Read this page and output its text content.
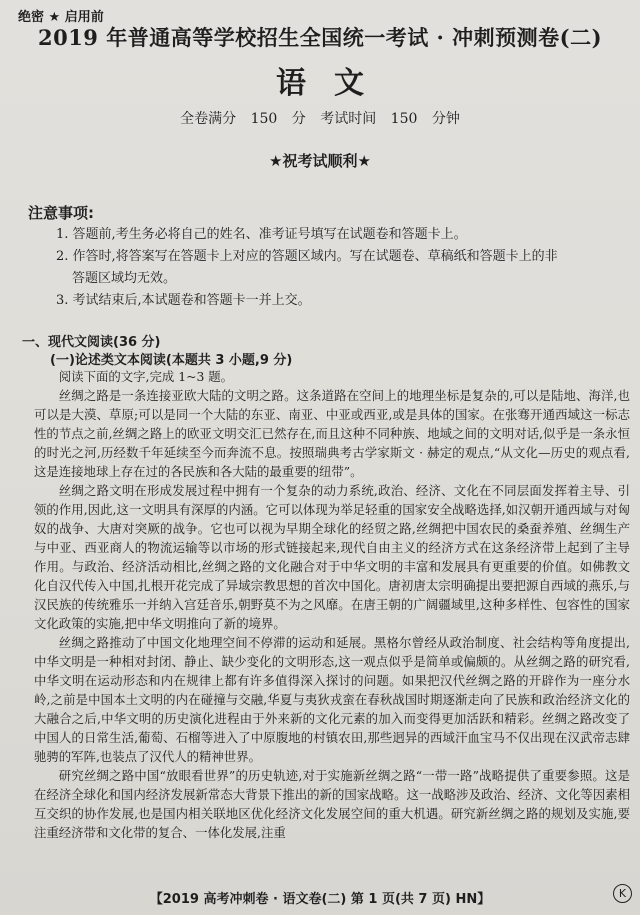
绝密 ★ 启用前
2019 年普通高等学校招生全国统一考试 · 冲刺预测卷(二)
语文
全卷满分 150 分 考试时间 150 分钟
★祝考试顺利★
注意事项:

1. 答题前,考生务必将自己的姓名、准考证号填写在试题卷和答题卡上。

2. 作答时,将答案写在答题卡上对应的答题区域内。写在试题卷、草稿纸和答题卡上的非

答题区域均无效。

3. 考试结束后,本试题卷和答题卡一并上交。

一、现代文阅读(36 分)
(一)论述类文本阅读(本题共 3 小题,9 分)

阅读下面的文字,完成 1~3 题。

丝绸之路是一条连接亚欧大陆的文明之路。这条道路在空间上的地理坐标是复杂的,可以是陆地、海洋,也可以是大漠、草原;可以是同一个大陆的东亚、南亚、中亚或西亚,或是具体的国家。在张骞开通西域这一标志性的节点之前,丝绸之路上的欧亚文明交汇已然存在,而且这种不同种族、地域之间的文明对话,似乎是一条永恒的时光之河,历经数千年延续至今而奔流不息。按照瑞典考古学家斯文 · 赫定的观点,“从文化—历史的观点看,这是连接地球上存在过的各民族和各大陆的最重要的纽带”。

丝绸之路文明在形成发展过程中拥有一个复杂的动力系统,政治、经济、文化在不同层面发挥着主导、引领的作用,因此,这一文明具有深厚的内涵。它可以体现为举足轻重的国家安全战略选择,如汉朝开通西域与对匈奴的战争、大唐对突厥的战争。它也可以视为早期全球化的经贸之路,丝绸把中国农民的桑蚕养殖、丝绸生产与中亚、西亚商人的物流运输等以市场的形式链接起来,现代自由主义的经济方式在这条经济带上起到了主导作用。与政治、经济活动相比,丝绸之路的文化融合对于中华文明的丰富和发展具有更重要的价值。如佛教文化自汉代传入中国,扎根开花完成了异域宗教思想的首次中国化。唐初唐太宗明确提出要把源自西域的燕乐,与汉民族的传统雅乐一并纳入宫廷音乐,朝野莫不为之风靡。在唐王朝的广阔疆域里,这种多样性、包容性的国家文化政策的实施,把中华文明推向了新的境界。

丝绸之路推动了中国文化地理空间不停滞的运动和延展。黑格尔曾经从政治制度、社会结构等角度提出,中华文明是一种相对封闭、静止、缺少变化的文明形态,这一观点似乎是简单或偏颇的。从丝绸之路的研究看,中华文明在运动形态和内在规律上都有许多值得深入探讨的问题。如果把汉代丝绸之路的开辟作为一座分水岭,之前是中国本土文明的内在碰撞与交融,华夏与夷狄戎蛮在春秋战国时期逐渐走向了民族和政治经济文化的大融合之后,中华文明的历史演化进程由于外来新的文化元素的加入而变得更加活跃和精彩。丝绸之路改变了中国人的日常生活,葡萄、石榴等进入了中原腹地的村镇农田,那些迥异的西域汗血宝马不仅出现在汉武帝志肆驰骋的军阵,也装点了汉代人的精神世界。

研究丝绸之路中国“放眼看世界”的历史轨迹,对于实施新丝绸之路“一带一路”战略提供了重要参照。这是在经济全球化和国内经济发展新常态大背景下推出的新的国家战略。这一战略涉及政治、经济、文化等因素相互交织的协作发展,也是国内相关联地区优化经济文化发展空间的重大机遇。研究新丝绸之路的规划及实施,要注重经济带和文化带的复合、一体化发展,注重

【2019 高考冲刺卷 · 语文卷(二) 第 1 页(共 7 页) HN】	K
